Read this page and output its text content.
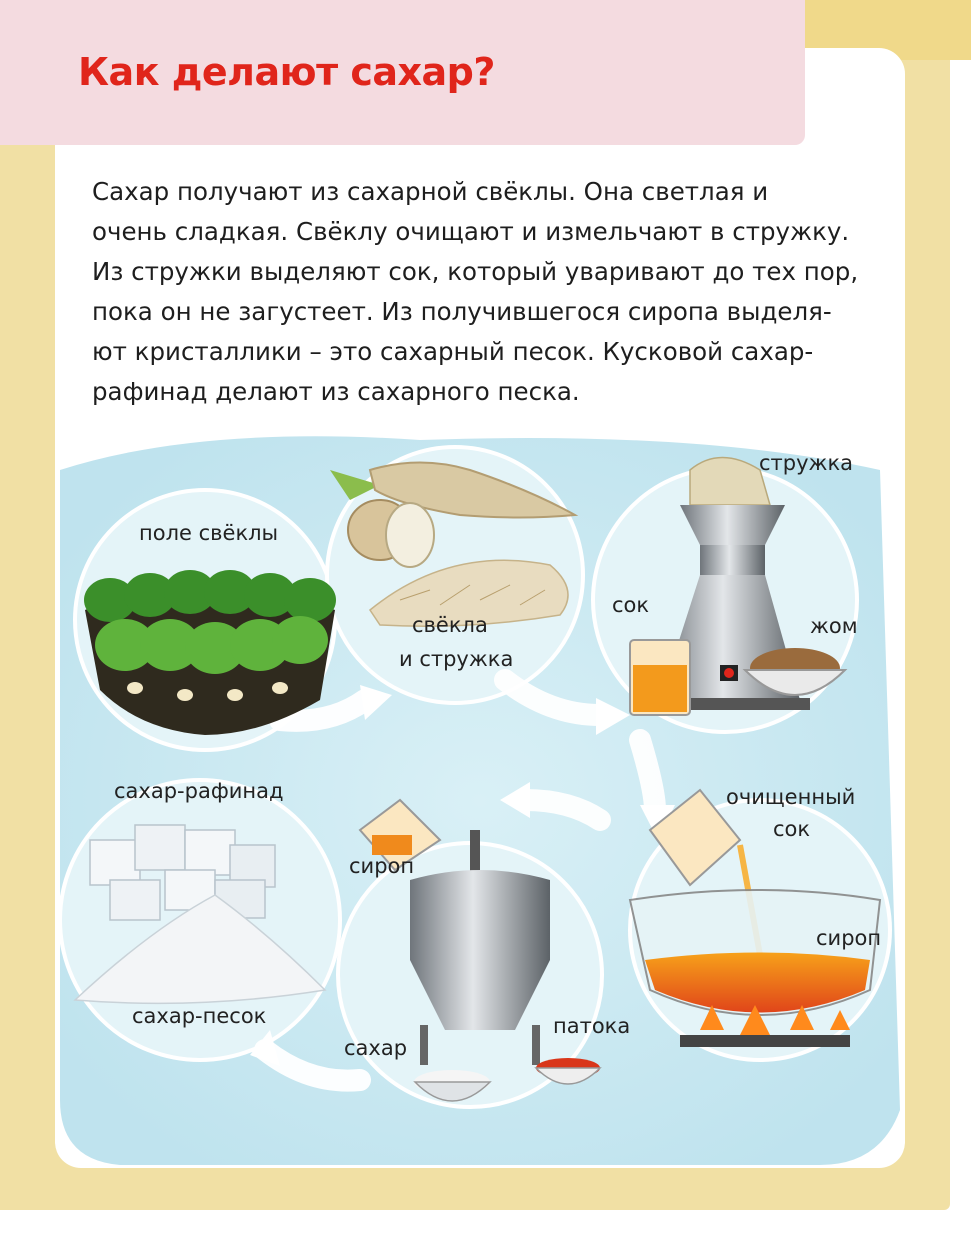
Как делают сахар?

Сахар получают из сахарной свёклы. Она светлая и
очень сладкая. Свёклу очищают и измельчают в стружку.
Из стружки выделяют сок, который уваривают до тех пор,
пока он не загустеет. Из получившегося сиропа выделя-
ют кристаллики – это сахарный песок. Кусковой сахар-
рафинад делают из сахарного песка.

поле свёклы
свёкла
и стружка
стружка
сок
жом
очищенный
сок
сироп
сироп
патока
сахар
сахар-рафинад
сахар-песок
